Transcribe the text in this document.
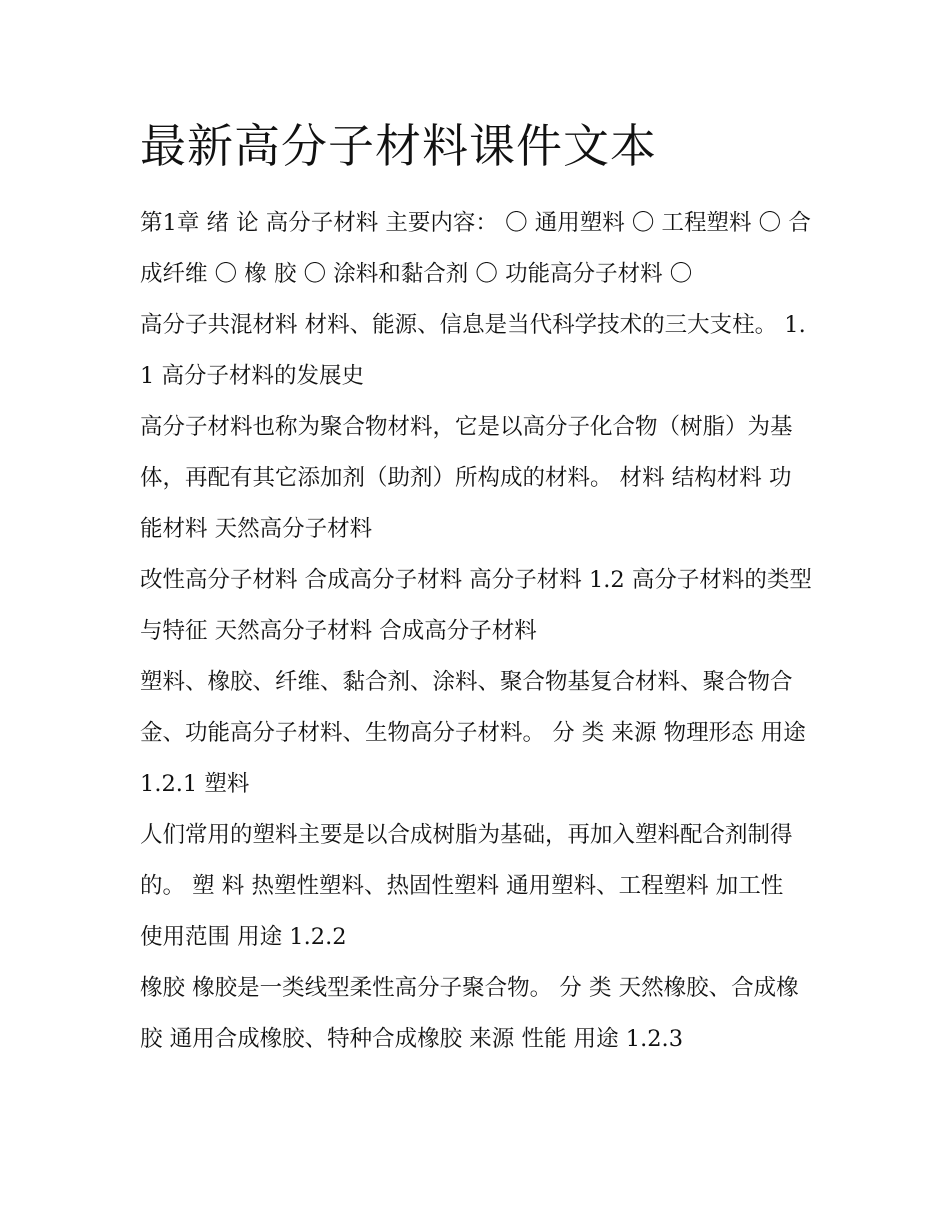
最新高分子材料课件文本

第1章 绪 论 高分子材料 主要内容： 〇 通用塑料 〇 工程塑料 〇 合成纤维 〇 橡 胶 〇 涂料和黏合剂 〇 功能高分子材料 〇

高分子共混材料 材料、能源、信息是当代科学技术的三大支柱。 1.1 高分子材料的发展史

高分子材料也称为聚合物材料，它是以高分子化合物（树脂）为基体，再配有其它添加剂（助剂）所构成的材料。 材料 结构材料 功能材料 天然高分子材料

改性高分子材料 合成高分子材料 高分子材料 1.2 高分子材料的类型与特征 天然高分子材料 合成高分子材料

塑料、橡胶、纤维、黏合剂、涂料、聚合物基复合材料、聚合物合金、功能高分子材料、生物高分子材料。 分 类 来源 物理形态 用途 1.2.1 塑料

人们常用的塑料主要是以合成树脂为基础，再加入塑料配合剂制得的。 塑 料 热塑性塑料、热固性塑料 通用塑料、工程塑料 加工性 使用范围 用途 1.2.2

橡胶 橡胶是一类线型柔性高分子聚合物。 分 类 天然橡胶、合成橡胶 通用合成橡胶、特种合成橡胶 来源 性能 用途 1.2.3
